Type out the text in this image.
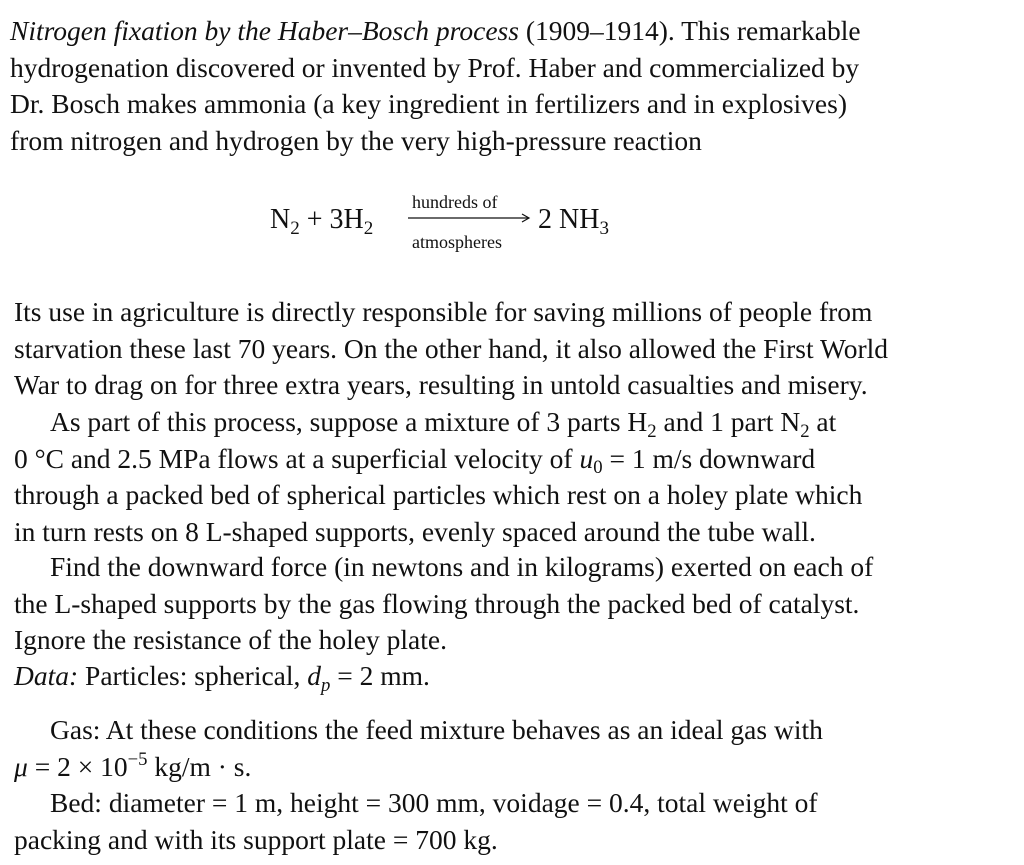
Nitrogen fixation by the Haber–Bosch process (1909–1914). This remarkable
hydrogenation discovered or invented by Prof. Haber and commercialized by
Dr. Bosch makes ammonia (a key ingredient in fertilizers and in explosives)
from nitrogen and hydrogen by the very high-pressure reaction
$N_2 + 3H_2$
hundreds of
atmospheres
2 $NH_3$
Its use in agriculture is directly responsible for saving millions of people from
starvation these last 70 years. On the other hand, it also allowed the First World
War to drag on for three extra years, resulting in untold casualties and misery.
As part of this process, suppose a mixture of 3 parts $H_2$ and 1 part $N_2$ at
0 °C and 2.5 MPa flows at a superficial velocity of $u_0 = 1$ m/s downward
through a packed bed of spherical particles which rest on a holey plate which
in turn rests on 8 L-shaped supports, evenly spaced around the tube wall.
Find the downward force (in newtons and in kilograms) exerted on each of
the L-shaped supports by the gas flowing through the packed bed of catalyst.
Ignore the resistance of the holey plate.
Data: Particles: spherical, $d_p = 2$ mm.
Gas: At these conditions the feed mixture behaves as an ideal gas with
$\mu = 2 \times 10^{-5}$ kg/m · s.
Bed: diameter = 1 m, height = 300 mm, voidage = 0.4, total weight of
packing and with its support plate = 700 kg.
